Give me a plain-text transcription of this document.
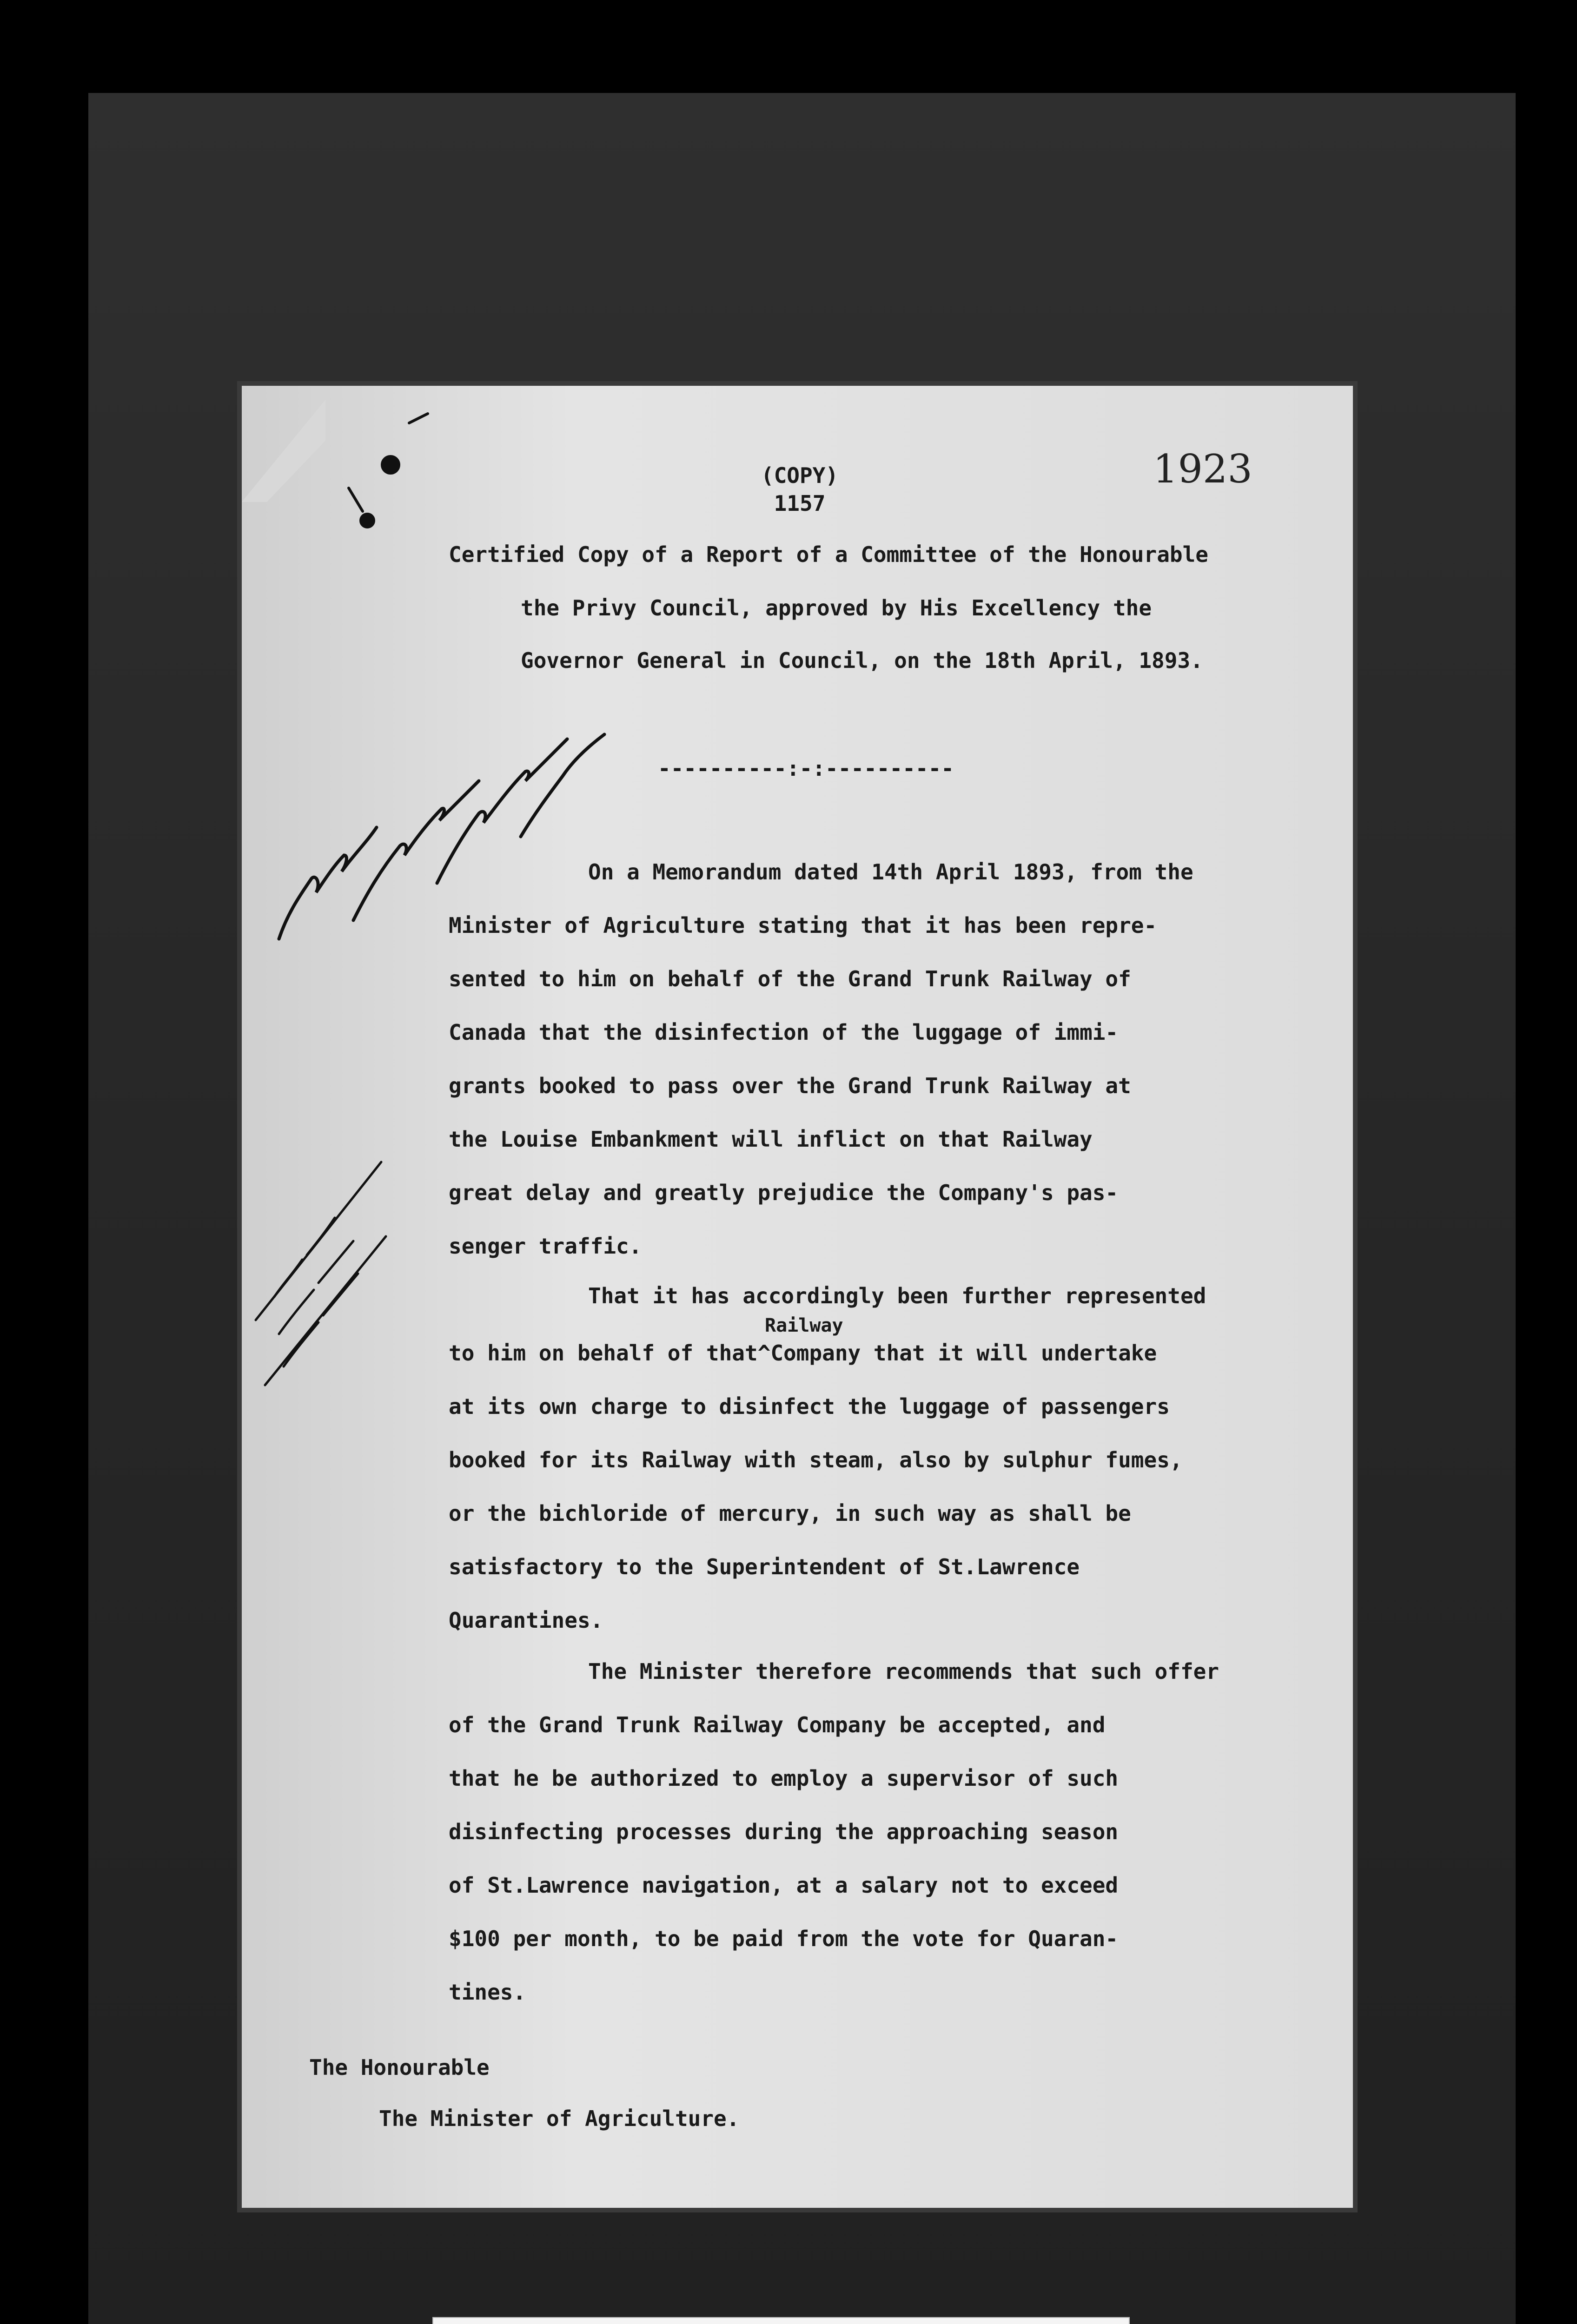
1923
(COPY)
1157
Certified Copy of a Report of a Committee of the Honourable
the Privy Council, approved by His Excellency the
Governor General in Council, on the 18th April, 1893.
----------:-:----------
On a Memorandum dated 14th April 1893, from the
Minister of Agriculture stating that it has been repre-
sented to him on behalf of the Grand Trunk Railway of
Canada that the disinfection of the luggage of immi-
grants booked to pass over the Grand Trunk Railway at
the Louise Embankment will inflict on that Railway
great delay and greatly prejudice the Company's pas-
senger traffic.
That it has accordingly been further represented
Railway
to him on behalf of that^Company that it will undertake
at its own charge to disinfect the luggage of passengers
booked for its Railway with steam, also by sulphur fumes,
or the bichloride of mercury, in such way as shall be
satisfactory to the Superintendent of St.Lawrence
Quarantines.
The Minister therefore recommends that such offer
of the Grand Trunk Railway Company be accepted, and
that he be authorized to employ a supervisor of such
disinfecting processes during the approaching season
of St.Lawrence navigation, at a salary not to exceed
$100 per month, to be paid from the vote for Quaran-
tines.
The Honourable
The Minister of Agriculture.
